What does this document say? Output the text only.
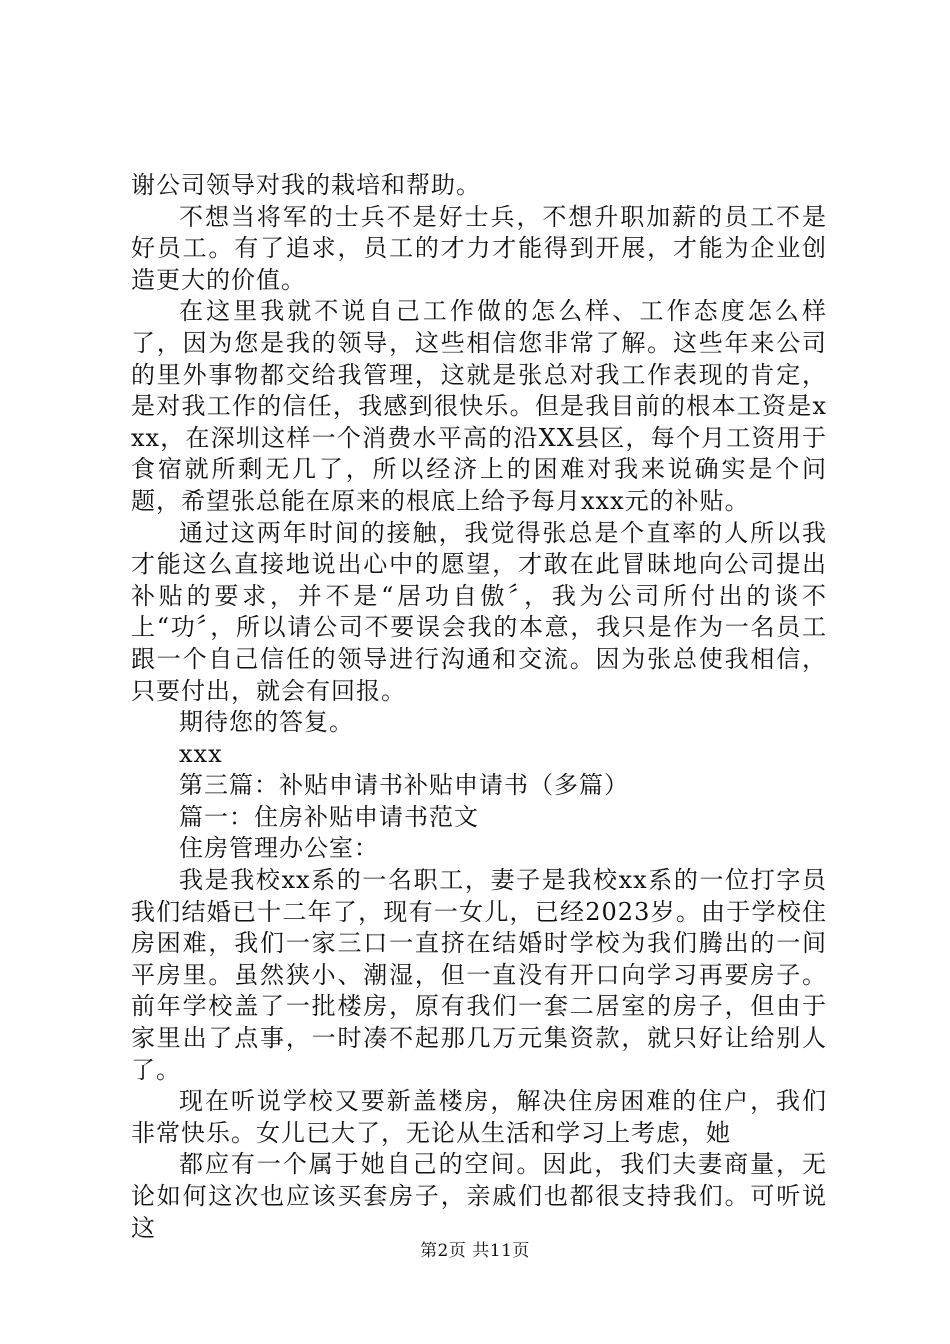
谢公司领导对我的栽培和帮助。

不想当将军的士兵不是好士兵，不想升职加薪的员工不是好员工。有了追求，员工的才力才能得到开展，才能为企业创造更大的价值。

在这里我就不说自己工作做的怎么样、工作态度怎么样了，因为您是我的领导，这些相信您非常了解。这些年来公司的里外事物都交给我管理，这就是张总对我工作表现的肯定，是对我工作的信任，我感到很快乐。但是我目前的根本工资是xxx，在深圳这样一个消费水平高的沿XX县区，每个月工资用于食宿就所剩无几了，所以经济上的困难对我来说确实是个问题，希望张总能在原来的根底上给予每月xxx元的补贴。

通过这两年时间的接触，我觉得张总是个直率的人所以我才能这么直接地说出心中的愿望，才敢在此冒昧地向公司提出补贴的要求，并不是“居功自傲〞，我为公司所付出的谈不上“功〞，所以请公司不要误会我的本意，我只是作为一名员工跟一个自己信任的领导进行沟通和交流。因为张总使我相信，只要付出，就会有回报。

期待您的答复。

xxx

第三篇：补贴申请书补贴申请书（多篇）

篇一：住房补贴申请书范文

住房管理办公室：

我是我校xx系的一名职工，妻子是我校xx系的一位打字员我们结婚已十二年了，现有一女儿，已经2023岁。由于学校住房困难，我们一家三口一直挤在结婚时学校为我们腾出的一间平房里。虽然狭小、潮湿，但一直没有开口向学习再要房子。前年学校盖了一批楼房，原有我们一套二居室的房子，但由于家里出了点事，一时凑不起那几万元集资款，就只好让给别人了。

现在听说学校又要新盖楼房，解决住房困难的住户，我们非常快乐。女儿已大了，无论从生活和学习上考虑，她

都应有一个属于她自己的空间。因此，我们夫妻商量，无论如何这次也应该买套房子，亲戚们也都很支持我们。可听说这

第2页 共11页
